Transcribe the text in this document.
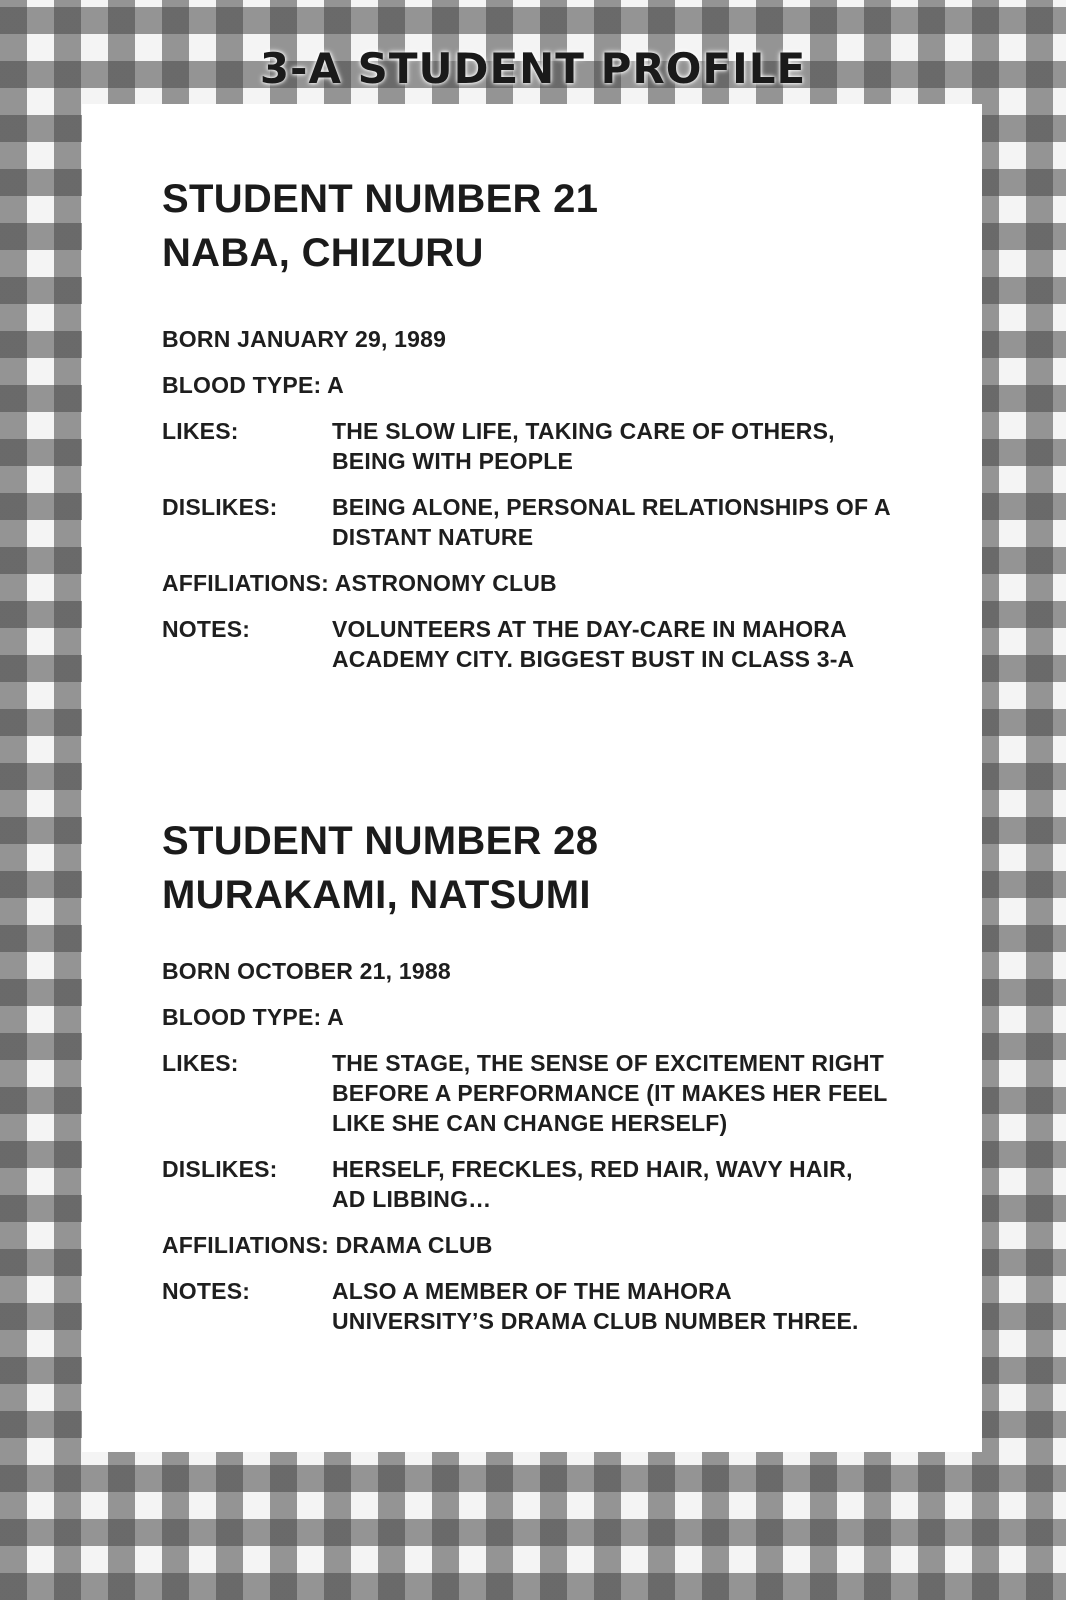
3-A STUDENT PROFILE
STUDENT NUMBER 21
NABA, CHIZURU
BORN JANUARY 29, 1989
BLOOD TYPE: A
LIKES:	THE SLOW LIFE, TAKING CARE OF OTHERS, BEING WITH PEOPLE
DISLIKES:	BEING ALONE, PERSONAL RELATIONSHIPS OF A DISTANT NATURE
AFFILIATIONS: ASTRONOMY CLUB
NOTES:	VOLUNTEERS AT THE DAY-CARE IN MAHORA ACADEMY CITY. BIGGEST BUST IN CLASS 3-A
STUDENT NUMBER 28
MURAKAMI, NATSUMI
BORN OCTOBER 21, 1988
BLOOD TYPE: A
LIKES:	THE STAGE, THE SENSE OF EXCITEMENT RIGHT BEFORE A PERFORMANCE (IT MAKES HER FEEL LIKE SHE CAN CHANGE HERSELF)
DISLIKES:	HERSELF, FRECKLES, RED HAIR, WAVY HAIR, AD LIBBING…
AFFILIATIONS: DRAMA CLUB
NOTES:	ALSO A MEMBER OF THE MAHORA UNIVERSITY’S DRAMA CLUB NUMBER THREE.
